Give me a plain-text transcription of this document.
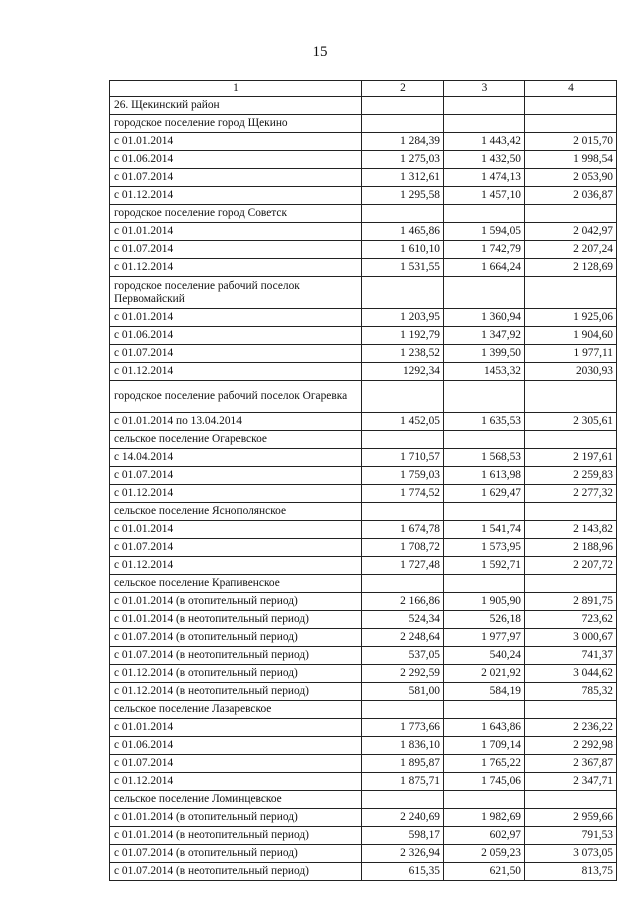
15
1	2	3	4
26. Щекинский район			
городское поселение город Щекино			
с 01.01.2014	1 284,39	1 443,42	2 015,70
с 01.06.2014	1 275,03	1 432,50	1 998,54
с 01.07.2014	1 312,61	1 474,13	2 053,90
с 01.12.2014	1 295,58	1 457,10	2 036,87
городское поселение город Советск			
с 01.01.2014	1 465,86	1 594,05	2 042,97
с 01.07.2014	1 610,10	1 742,79	2 207,24
с 01.12.2014	1 531,55	1 664,24	2 128,69
городское поселение рабочий поселок Первомайский			
с 01.01.2014	1 203,95	1 360,94	1 925,06
с 01.06.2014	1 192,79	1 347,92	1 904,60
с 01.07.2014	1 238,52	1 399,50	1 977,11
с 01.12.2014	1292,34	1453,32	2030,93
городское поселение рабочий поселок Огаревка			
с 01.01.2014 по 13.04.2014	1 452,05	1 635,53	2 305,61
сельское поселение Огаревское			
с 14.04.2014	1 710,57	1 568,53	2 197,61
с 01.07.2014	1 759,03	1 613,98	2 259,83
с 01.12.2014	1 774,52	1 629,47	2 277,32
сельское поселение Яснополянское			
с 01.01.2014	1 674,78	1 541,74	2 143,82
с 01.07.2014	1 708,72	1 573,95	2 188,96
с 01.12.2014	1 727,48	1 592,71	2 207,72
сельское поселение Крапивенское			
с 01.01.2014 (в отопительный период)	2 166,86	1 905,90	2 891,75
с 01.01.2014 (в неотопительный период)	524,34	526,18	723,62
с 01.07.2014 (в отопительный период)	2 248,64	1 977,97	3 000,67
с 01.07.2014 (в неотопительный период)	537,05	540,24	741,37
с 01.12.2014 (в отопительный период)	2 292,59	2 021,92	3 044,62
с 01.12.2014 (в неотопительный период)	581,00	584,19	785,32
сельское поселение Лазаревское			
с 01.01.2014	1 773,66	1 643,86	2 236,22
с 01.06.2014	1 836,10	1 709,14	2 292,98
с 01.07.2014	1 895,87	1 765,22	2 367,87
с 01.12.2014	1 875,71	1 745,06	2 347,71
сельское поселение Ломинцевское			
с 01.01.2014 (в отопительный период)	2 240,69	1 982,69	2 959,66
с 01.01.2014 (в неотопительный период)	598,17	602,97	791,53
с 01.07.2014 (в отопительный период)	2 326,94	2 059,23	3 073,05
с 01.07.2014 (в неотопительный период)	615,35	621,50	813,75
